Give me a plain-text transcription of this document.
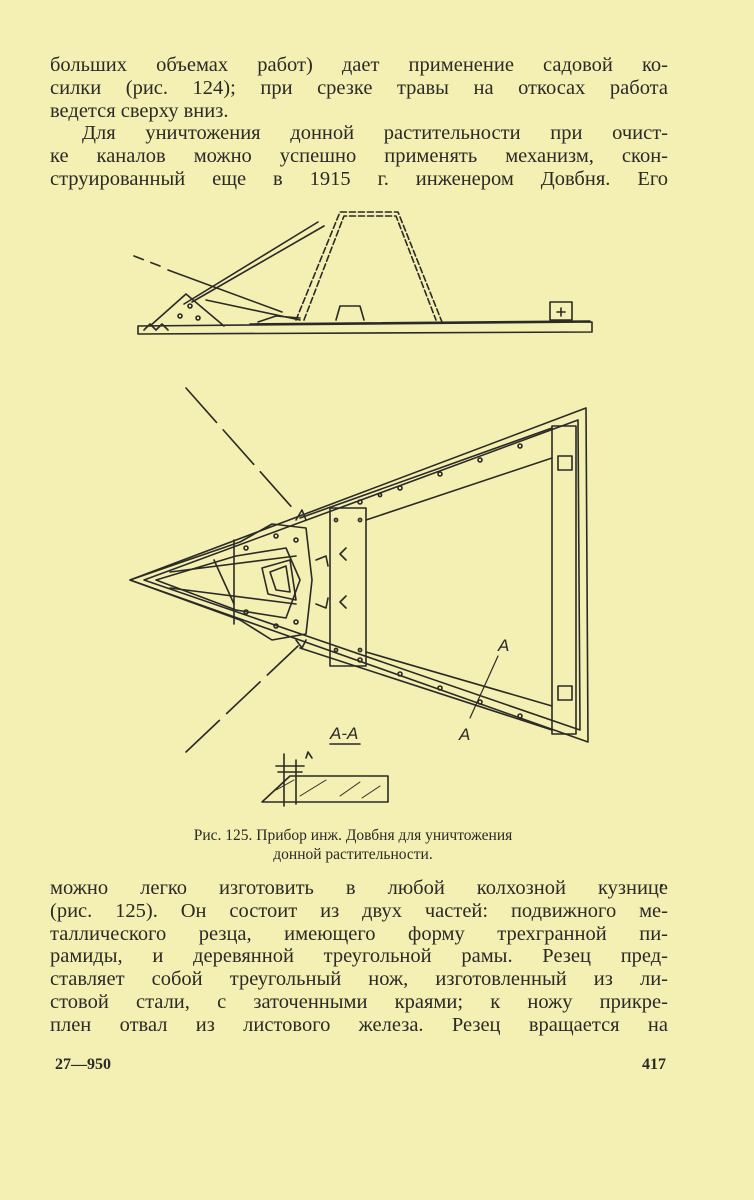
больших объемах работ) дает применение садовой ко-
силки (рис. 124); при срезке травы на откосах работа
ведется сверху вниз.

Для уничтожения донной растительности при очист-
ке каналов можно успешно применять механизм, скон-
струированный еще в 1915 г. инженером Довбня. Его

А
А
А-А

Рис. 125. Прибор инж. Довбня для уничтожения
донной растительности.

можно легко изготовить в любой колхозной кузнице
(рис. 125). Он состоит из двух частей: подвижного ме-
таллического резца, имеющего форму трехгранной пи-
рамиды, и деревянной треугольной рамы. Резец пред-
ставляет собой треугольный нож, изготовленный из ли-
стовой стали, с заточенными краями; к ножу прикре-
плен отвал из листового железа. Резец вращается на

27—950	417
